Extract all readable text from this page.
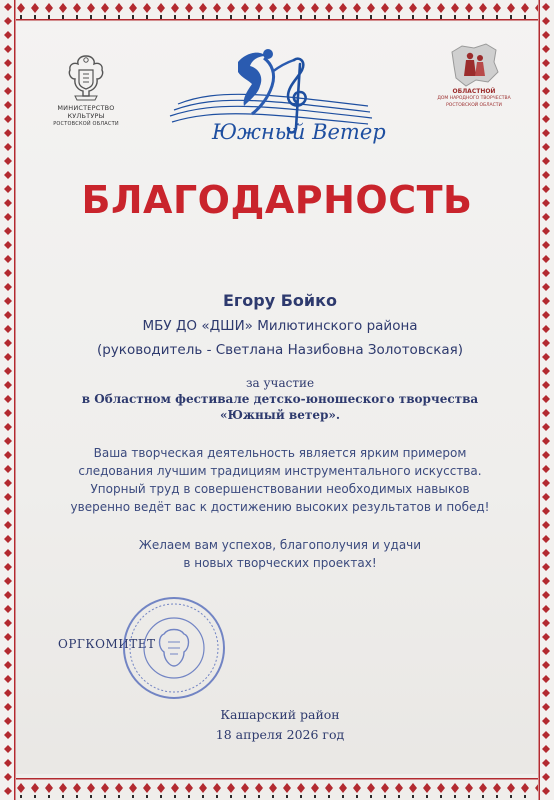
МИНИСТЕРСТВО
КУЛЬТУРЫ
РОСТОВСКОЙ ОБЛАСТИ	Южный Ветер
ОБЛАСТНОЙ
ДОМ НАРОДНОГО ТВОРЧЕСТВА
РОСТОВСКОЙ ОБЛАСТИ
БЛАГОДАРНОСТЬ
Егору Бойко
МБУ ДО «ДШИ» Милютинского района
(руководитель - Светлана Назибовна Золотовская)
за участие
в Областном фестивале детско-юношеского творчества
«Южный ветер».
Ваша творческая деятельность является ярким примером
следования лучшим традициям инструментального искусства.
Упорный труд в совершенствовании необходимых навыков
уверенно ведёт вас к достижению высоких результатов и побед!
Желаем вам успехов, благополучия и удачи
в новых творческих проектах!
ОРГКОМИТЕТ
Кашарский район
18 апреля 2026 год
